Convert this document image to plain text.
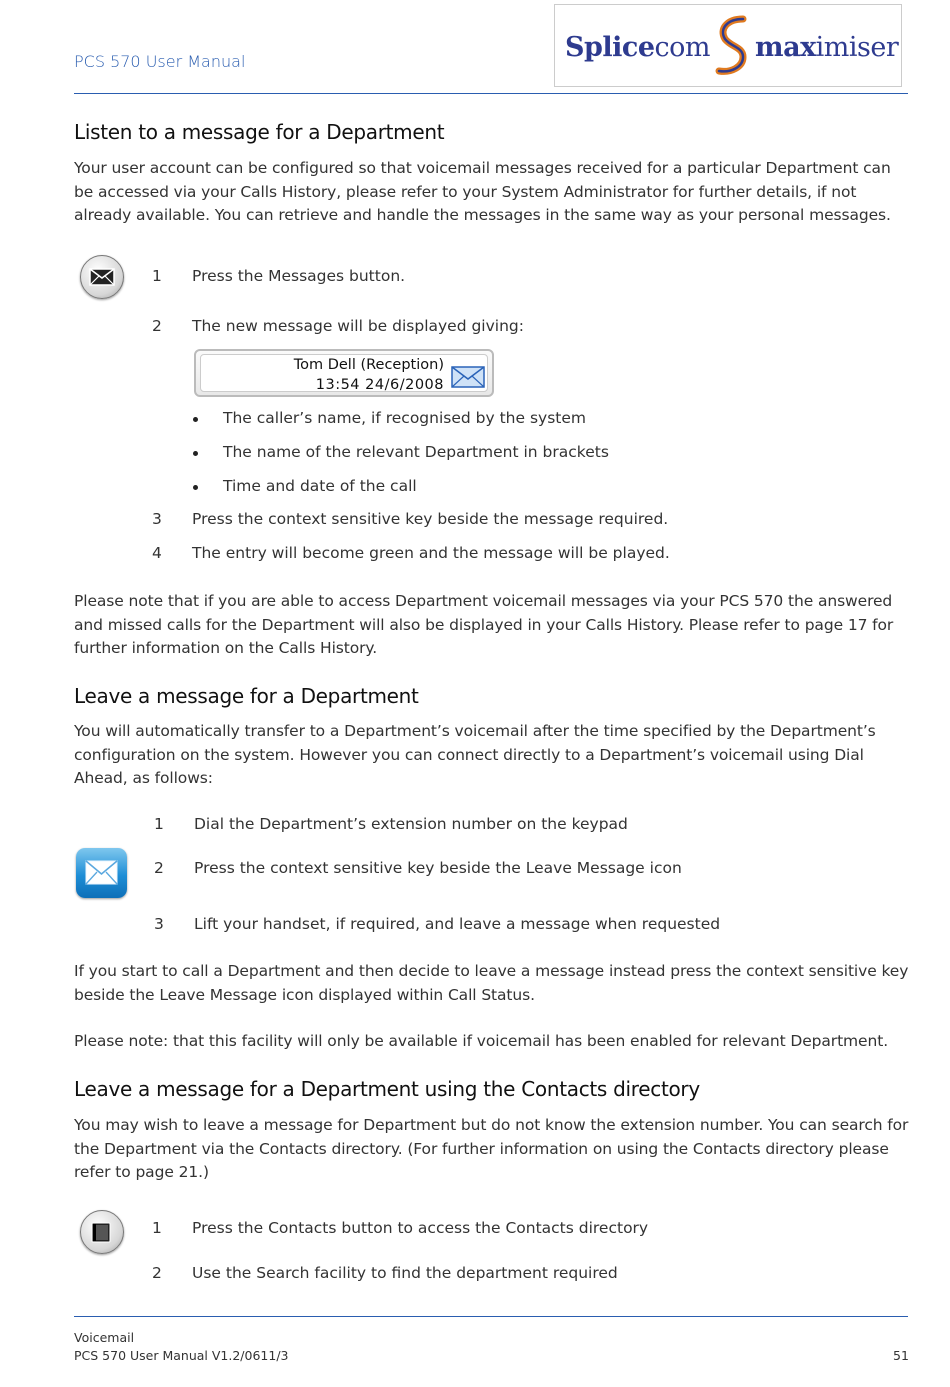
PCS 570 User Manual	Splicecom maximiser
Listen to a message for a Department
Your user account can be configured so that voicemail messages received for a particular Department can be accessed via your Calls History, please refer to your System Administrator for further details, if not already available. You can retrieve and handle the messages in the same way as your personal messages.
1 Press the Messages button.
2 The new message will be displayed giving:
Tom Dell (Reception)
13:54 24/6/2008
The caller’s name, if recognised by the system
The name of the relevant Department in brackets
Time and date of the call
3 Press the context sensitive key beside the message required.
4 The entry will become green and the message will be played.
Please note that if you are able to access Department voicemail messages via your PCS 570 the answered and missed calls for the Department will also be displayed in your Calls History. Please refer to page 17 for further information on the Calls History.
Leave a message for a Department
You will automatically transfer to a Department’s voicemail after the time specified by the Department’s configuration on the system. However you can connect directly to a Department’s voicemail using Dial Ahead, as follows:
1 Dial the Department’s extension number on the keypad
2 Press the context sensitive key beside the Leave Message icon
3 Lift your handset, if required, and leave a message when requested
If you start to call a Department and then decide to leave a message instead press the context sensitive key beside the Leave Message icon displayed within Call Status.
Please note: that this facility will only be available if voicemail has been enabled for relevant Department.
Leave a message for a Department using the Contacts directory
You may wish to leave a message for Department but do not know the extension number. You can search for the Department via the Contacts directory. (For further information on using the Contacts directory please refer to page 21.)
1 Press the Contacts button to access the Contacts directory
2 Use the Search facility to find the department required
Voicemail
PCS 570 User Manual V1.2/0611/3	51
